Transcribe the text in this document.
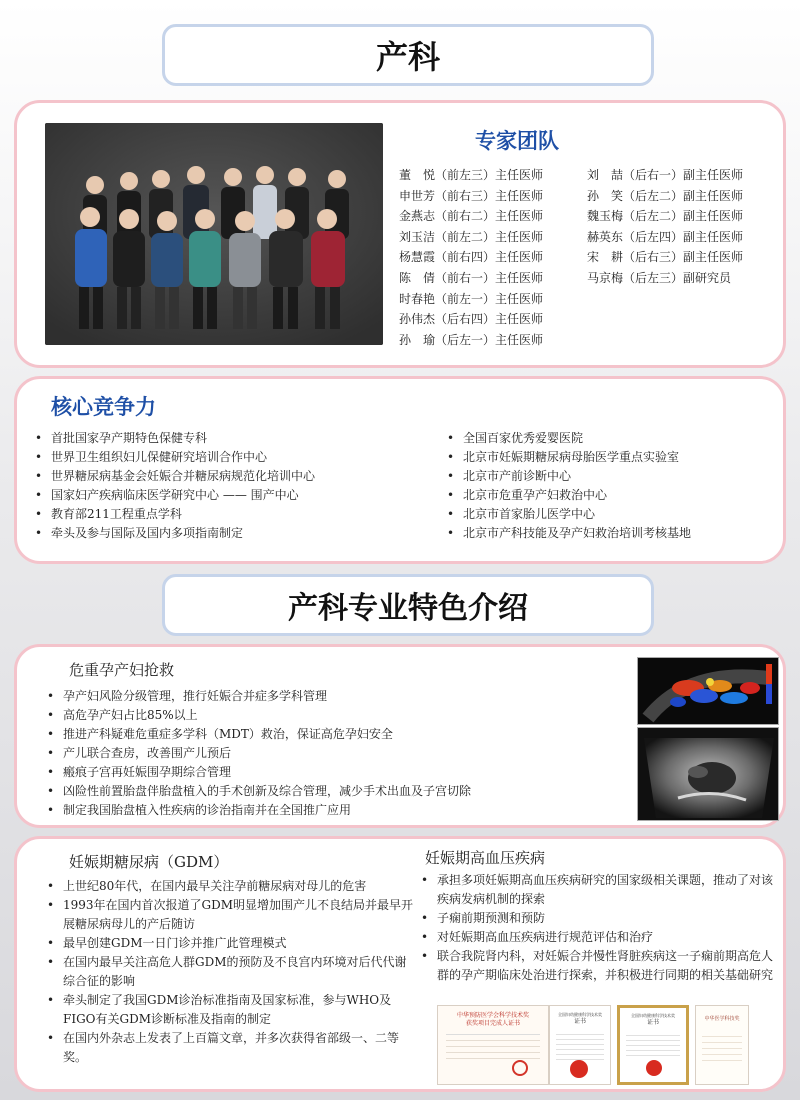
产科
专家团队
董　悦（前左三）主任医师
申世芳（前右三）主任医师
金燕志（前右二）主任医师
刘玉洁（前左二）主任医师
杨慧霞（前右四）主任医师
陈　倩（前右一）主任医师
时春艳（前左一）主任医师
孙伟杰（后右四）主任医师
孙　瑜（后左一）主任医师
刘　喆（后右一）副主任医师
孙　笑（后左二）副主任医师
魏玉梅（后左二）副主任医师
赫英东（后左四）副主任医师
宋　耕（后右三）副主任医师
马京梅（后左三）副研究员
核心竞争力
• 首批国家孕产期特色保健专科
• 世界卫生组织妇儿保健研究培训合作中心
• 世界糖尿病基金会妊娠合并糖尿病规范化培训中心
• 国家妇产疾病临床医学研究中心 —— 围产中心
• 教育部211工程重点学科
• 牵头及参与国际及国内多项指南制定
• 全国百家优秀爱婴医院
• 北京市妊娠期糖尿病母胎医学重点实验室
• 北京市产前诊断中心
• 北京市危重孕产妇救治中心
• 北京市首家胎儿医学中心
• 北京市产科技能及孕产妇救治培训考核基地
产科专业特色介绍
危重孕产妇抢救
• 孕产妇风险分级管理，推行妊娠合并症多学科管理
• 高危孕产妇占比85%以上
• 推进产科疑难危重症多学科（MDT）救治，保证高危孕妇安全
• 产儿联合查房，改善围产儿预后
• 瘢痕子宫再妊娠围孕期综合管理
• 凶险性前置胎盘伴胎盘植入的手术创新及综合管理，减少手术出血及子宫切除
• 制定我国胎盘植入性疾病的诊治指南并在全国推广应用
妊娠期糖尿病（GDM）
• 上世纪80年代，在国内最早关注孕前糖尿病对母儿的危害
• 1993年在国内首次报道了GDM明显增加围产儿不良结局并最早开展糖尿病母儿的产后随访
• 最早创建GDM一日门诊并推广此管理模式
• 在国内最早关注高危人群GDM的预防及不良宫内环境对后代代谢综合征的影响
• 牵头制定了我国GDM诊治标准指南及国家标准，参与WHO及FIGO有关GDM诊断标准及指南的制定
• 在国内外杂志上发表了上百篇文章，并多次获得省部级一、二等奖。
妊娠期高血压疾病
• 承担多项妊娠期高血压疾病研究的国家级相关课题，推动了对该疾病发病机制的探索
• 子痫前期预测和预防
• 对妊娠期高血压疾病进行规范评估和治疗
• 联合我院肾内科，对妊娠合并慢性肾脏疾病这一子痫前期高危人群的孕产期临床处治进行探索，并积极进行同期的相关基础研究
中华预防医学会科学技术奖
获奖项目完成人证书
全国妇幼健康科学技术奖
证书
全国妇幼健康科学技术奖
证书	中华医学科技奖
